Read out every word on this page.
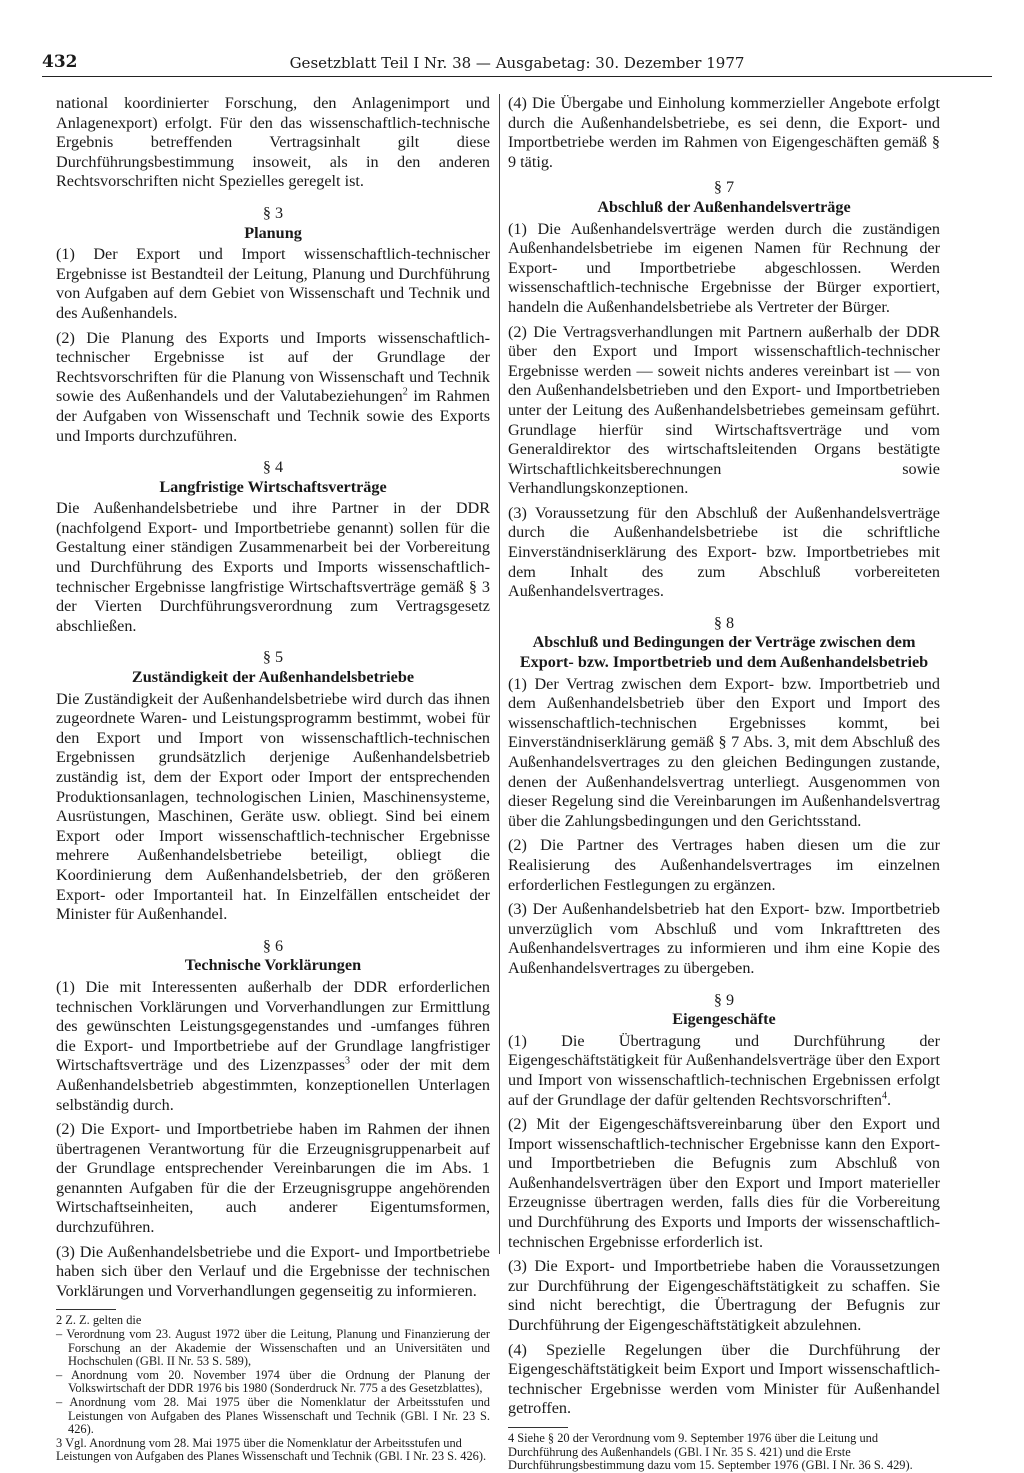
432	Gesetzblatt Teil I Nr. 38 — Ausgabetag: 30. Dezember 1977

national koordinierter Forschung, den Anlagenimport und Anlagenexport) erfolgt. Für den das wissenschaftlich-technische Ergebnis betreffenden Vertragsinhalt gilt diese Durchführungsbestimmung insoweit, als in den anderen Rechtsvorschriften nicht Spezielles geregelt ist.

§ 3
Planung

(1) Der Export und Import wissenschaftlich-technischer Ergebnisse ist Bestandteil der Leitung, Planung und Durchführung von Aufgaben auf dem Gebiet von Wissenschaft und Technik und des Außenhandels.

(2) Die Planung des Exports und Imports wissenschaftlich-technischer Ergebnisse ist auf der Grundlage der Rechtsvorschriften für die Planung von Wissenschaft und Technik sowie des Außenhandels und der Valutabeziehungen$^2$ im Rahmen der Aufgaben von Wissenschaft und Technik sowie des Exports und Imports durchzuführen.

§ 4
Langfristige Wirtschaftsverträge

Die Außenhandelsbetriebe und ihre Partner in der DDR (nachfolgend Export- und Importbetriebe genannt) sollen für die Gestaltung einer ständigen Zusammenarbeit bei der Vorbereitung und Durchführung des Exports und Imports wissenschaftlich-technischer Ergebnisse langfristige Wirtschaftsverträge gemäß § 3 der Vierten Durchführungsverordnung zum Vertragsgesetz abschließen.

§ 5
Zuständigkeit der Außenhandelsbetriebe

Die Zuständigkeit der Außenhandelsbetriebe wird durch das ihnen zugeordnete Waren- und Leistungsprogramm bestimmt, wobei für den Export und Import von wissenschaftlich-technischen Ergebnissen grundsätzlich derjenige Außenhandelsbetrieb zuständig ist, dem der Export oder Import der entsprechenden Produktionsanlagen, technologischen Linien, Maschinensysteme, Ausrüstungen, Maschinen, Geräte usw. obliegt. Sind bei einem Export oder Import wissenschaftlich-technischer Ergebnisse mehrere Außenhandelsbetriebe beteiligt, obliegt die Koordinierung dem Außenhandelsbetrieb, der den größeren Export- oder Importanteil hat. In Einzelfällen entscheidet der Minister für Außenhandel.

§ 6
Technische Vorklärungen

(1) Die mit Interessenten außerhalb der DDR erforderlichen technischen Vorklärungen und Vorverhandlungen zur Ermittlung des gewünschten Leistungsgegenstandes und -umfanges führen die Export- und Importbetriebe auf der Grundlage langfristiger Wirtschaftsverträge und des Lizenzpasses$^3$ oder der mit dem Außenhandelsbetrieb abgestimmten, konzeptionellen Unterlagen selbständig durch.

(2) Die Export- und Importbetriebe haben im Rahmen der ihnen übertragenen Verantwortung für die Erzeugnisgruppenarbeit auf der Grundlage entsprechender Vereinbarungen die im Abs. 1 genannten Aufgaben für die der Erzeugnisgruppe angehörenden Wirtschaftseinheiten, auch anderer Eigentumsformen, durchzuführen.

(3) Die Außenhandelsbetriebe und die Export- und Importbetriebe haben sich über den Verlauf und die Ergebnisse der technischen Vorklärungen und Vorverhandlungen gegenseitig zu informieren.

2 Z. Z. gelten die

– Verordnung vom 23. August 1972 über die Leitung, Planung und Finanzierung der Forschung an der Akademie der Wissenschaften und an Universitäten und Hochschulen (GBl. II Nr. 53 S. 589),
– Anordnung vom 20. November 1974 über die Ordnung der Planung der Volkswirtschaft der DDR 1976 bis 1980 (Sonderdruck Nr. 775 a des Gesetzblattes),
– Anordnung vom 28. Mai 1975 über die Nomenklatur der Arbeitsstufen und Leistungen von Aufgaben des Planes Wissenschaft und Technik (GBl. I Nr. 23 S. 426).

3 Vgl. Anordnung vom 28. Mai 1975 über die Nomenklatur der Arbeitsstufen und Leistungen von Aufgaben des Planes Wissenschaft und Technik (GBl. I Nr. 23 S. 426).

(4) Die Übergabe und Einholung kommerzieller Angebote erfolgt durch die Außenhandelsbetriebe, es sei denn, die Export- und Importbetriebe werden im Rahmen von Eigengeschäften gemäß § 9 tätig.

§ 7
Abschluß der Außenhandelsverträge

(1) Die Außenhandelsverträge werden durch die zuständigen Außenhandelsbetriebe im eigenen Namen für Rechnung der Export- und Importbetriebe abgeschlossen. Werden wissenschaftlich-technische Ergebnisse der Bürger exportiert, handeln die Außenhandelsbetriebe als Vertreter der Bürger.

(2) Die Vertragsverhandlungen mit Partnern außerhalb der DDR über den Export und Import wissenschaftlich-technischer Ergebnisse werden — soweit nichts anderes vereinbart ist — von den Außenhandelsbetrieben und den Export- und Importbetrieben unter der Leitung des Außenhandelsbetriebes gemeinsam geführt. Grundlage hierfür sind Wirtschaftsverträge und vom Generaldirektor des wirtschaftsleitenden Organs bestätigte Wirtschaftlichkeitsberechnungen sowie Verhandlungskonzeptionen.

(3) Voraussetzung für den Abschluß der Außenhandelsverträge durch die Außenhandelsbetriebe ist die schriftliche Einverständniserklärung des Export- bzw. Importbetriebes mit dem Inhalt des zum Abschluß vorbereiteten Außenhandelsvertrages.

§ 8
Abschluß und Bedingungen der Verträge zwischen dem Export- bzw. Importbetrieb und dem Außenhandelsbetrieb

(1) Der Vertrag zwischen dem Export- bzw. Importbetrieb und dem Außenhandelsbetrieb über den Export und Import des wissenschaftlich-technischen Ergebnisses kommt, bei Einverständniserklärung gemäß § 7 Abs. 3, mit dem Abschluß des Außenhandelsvertrages zu den gleichen Bedingungen zustande, denen der Außenhandelsvertrag unterliegt. Ausgenommen von dieser Regelung sind die Vereinbarungen im Außenhandelsvertrag über die Zahlungsbedingungen und den Gerichtsstand.

(2) Die Partner des Vertrages haben diesen um die zur Realisierung des Außenhandelsvertrages im einzelnen erforderlichen Festlegungen zu ergänzen.

(3) Der Außenhandelsbetrieb hat den Export- bzw. Importbetrieb unverzüglich vom Abschluß und vom Inkrafttreten des Außenhandelsvertrages zu informieren und ihm eine Kopie des Außenhandelsvertrages zu übergeben.

§ 9
Eigengeschäfte

(1) Die Übertragung und Durchführung der Eigengeschäftstätigkeit für Außenhandelsverträge über den Export und Import von wissenschaftlich-technischen Ergebnissen erfolgt auf der Grundlage der dafür geltenden Rechtsvorschriften$^4$.

(2) Mit der Eigengeschäftsvereinbarung über den Export und Import wissenschaftlich-technischer Ergebnisse kann den Export- und Importbetrieben die Befugnis zum Abschluß von Außenhandelsverträgen über den Export und Import materieller Erzeugnisse übertragen werden, falls dies für die Vorbereitung und Durchführung des Exports und Imports der wissenschaftlich-technischen Ergebnisse erforderlich ist.

(3) Die Export- und Importbetriebe haben die Voraussetzungen zur Durchführung der Eigengeschäftstätigkeit zu schaffen. Sie sind nicht berechtigt, die Übertragung der Befugnis zur Durchführung der Eigengeschäftstätigkeit abzulehnen.

(4) Spezielle Regelungen über die Durchführung der Eigengeschäftstätigkeit beim Export und Import wissenschaftlich-technischer Ergebnisse werden vom Minister für Außenhandel getroffen.

4 Siehe § 20 der Verordnung vom 9. September 1976 über die Leitung und Durchführung des Außenhandels (GBl. I Nr. 35 S. 421) und die Erste Durchführungsbestimmung dazu vom 15. September 1976 (GBl. I Nr. 36 S. 429).
